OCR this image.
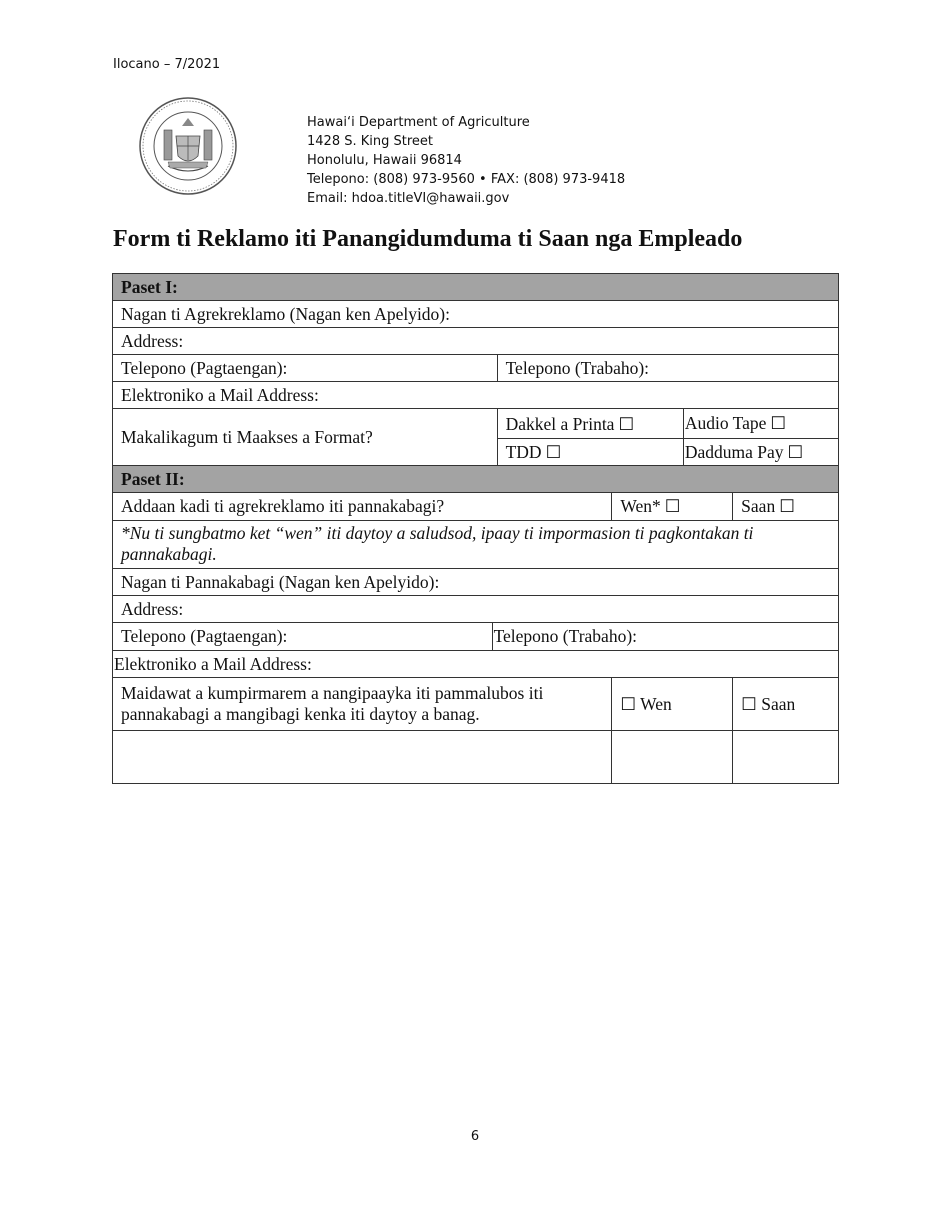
Ilocano – 7/2021
Hawai‘i Department of Agriculture
1428 S. King Street
Honolulu, Hawaii 96814
Telepono: (808) 973-9560 • FAX: (808) 973-9418
Email: hdoa.titleVI@hawaii.gov
Form ti Reklamo iti Panangidumduma ti Saan nga Empleado
Paset I:					
Nagan ti Agrekreklamo (Nagan ken Apelyido):					
Address:					
Telepono (Pagtaengan):		Telepono (Trabaho):			
Elektroniko a Mail Address:					
Makalikagum ti Maakses a Format?		Dakkel a Printa ☐		Audio Tape ☐	
		TDD ☐		Dadduma Pay ☐	
Paset II:					
Addaan kadi ti agrekreklamo iti pannakabagi?			Wen* ☐		Saan ☐
*Nu ti sungbatmo ket “wen” iti daytoy a saludsod, ipaay ti impormasion ti pagkontakan ti pannakabagi.					
Nagan ti Pannakabagi (Nagan ken Apelyido):					
Address:					
Telepono (Pagtaengan):	Telepono (Trabaho):				
Elektroniko a Mail Address:					

Maidawat a kumpirmarem a nangipaayka iti pammalubos iti
pannakabagi a mangibagi kenka iti daytoy a banag.			☐ Wen		☐ Saan

6
